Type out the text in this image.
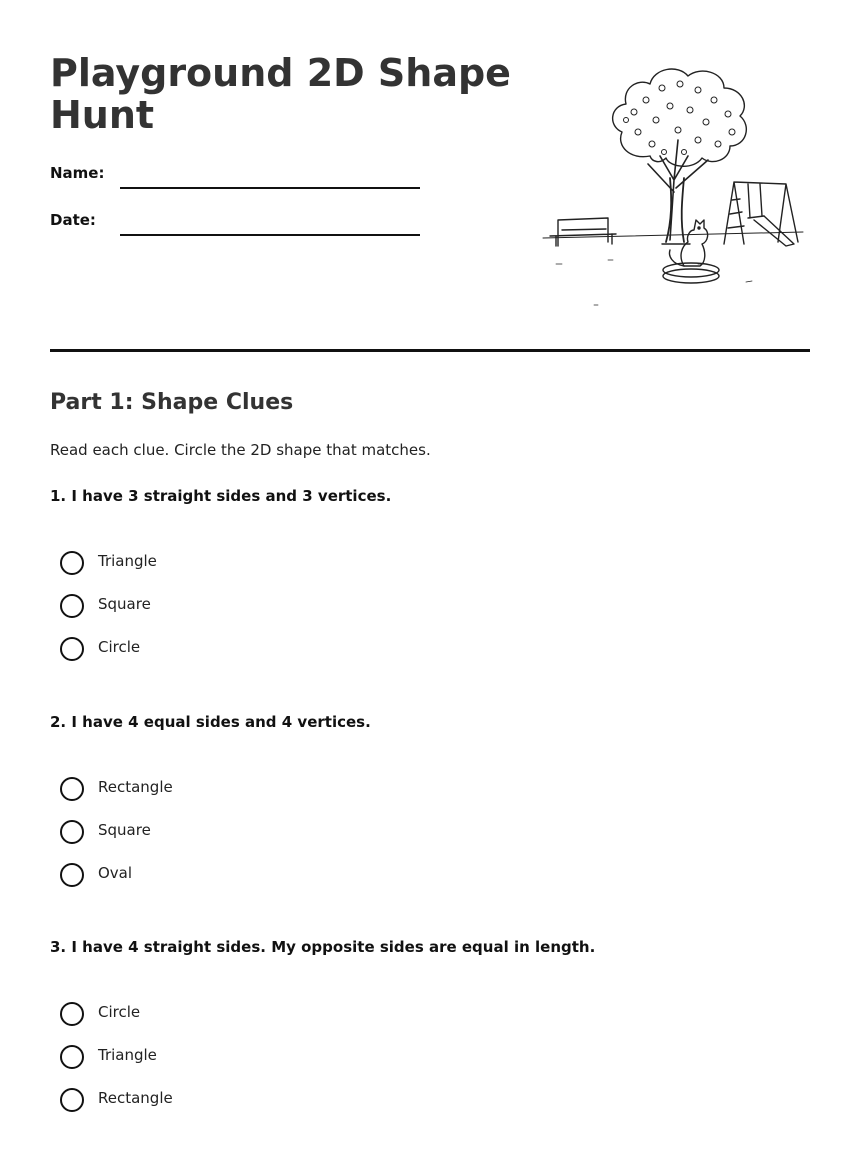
Playground 2D Shape Hunt
Name:
Date:
Part 1: Shape Clues
Read each clue. Circle the 2D shape that matches.

1. I have 3 straight sides and 3 vertices.

Triangle
Square
Circle

2. I have 4 equal sides and 4 vertices.

Rectangle
Square
Oval

3. I have 4 straight sides. My opposite sides are equal in length.

Circle
Triangle
Rectangle
